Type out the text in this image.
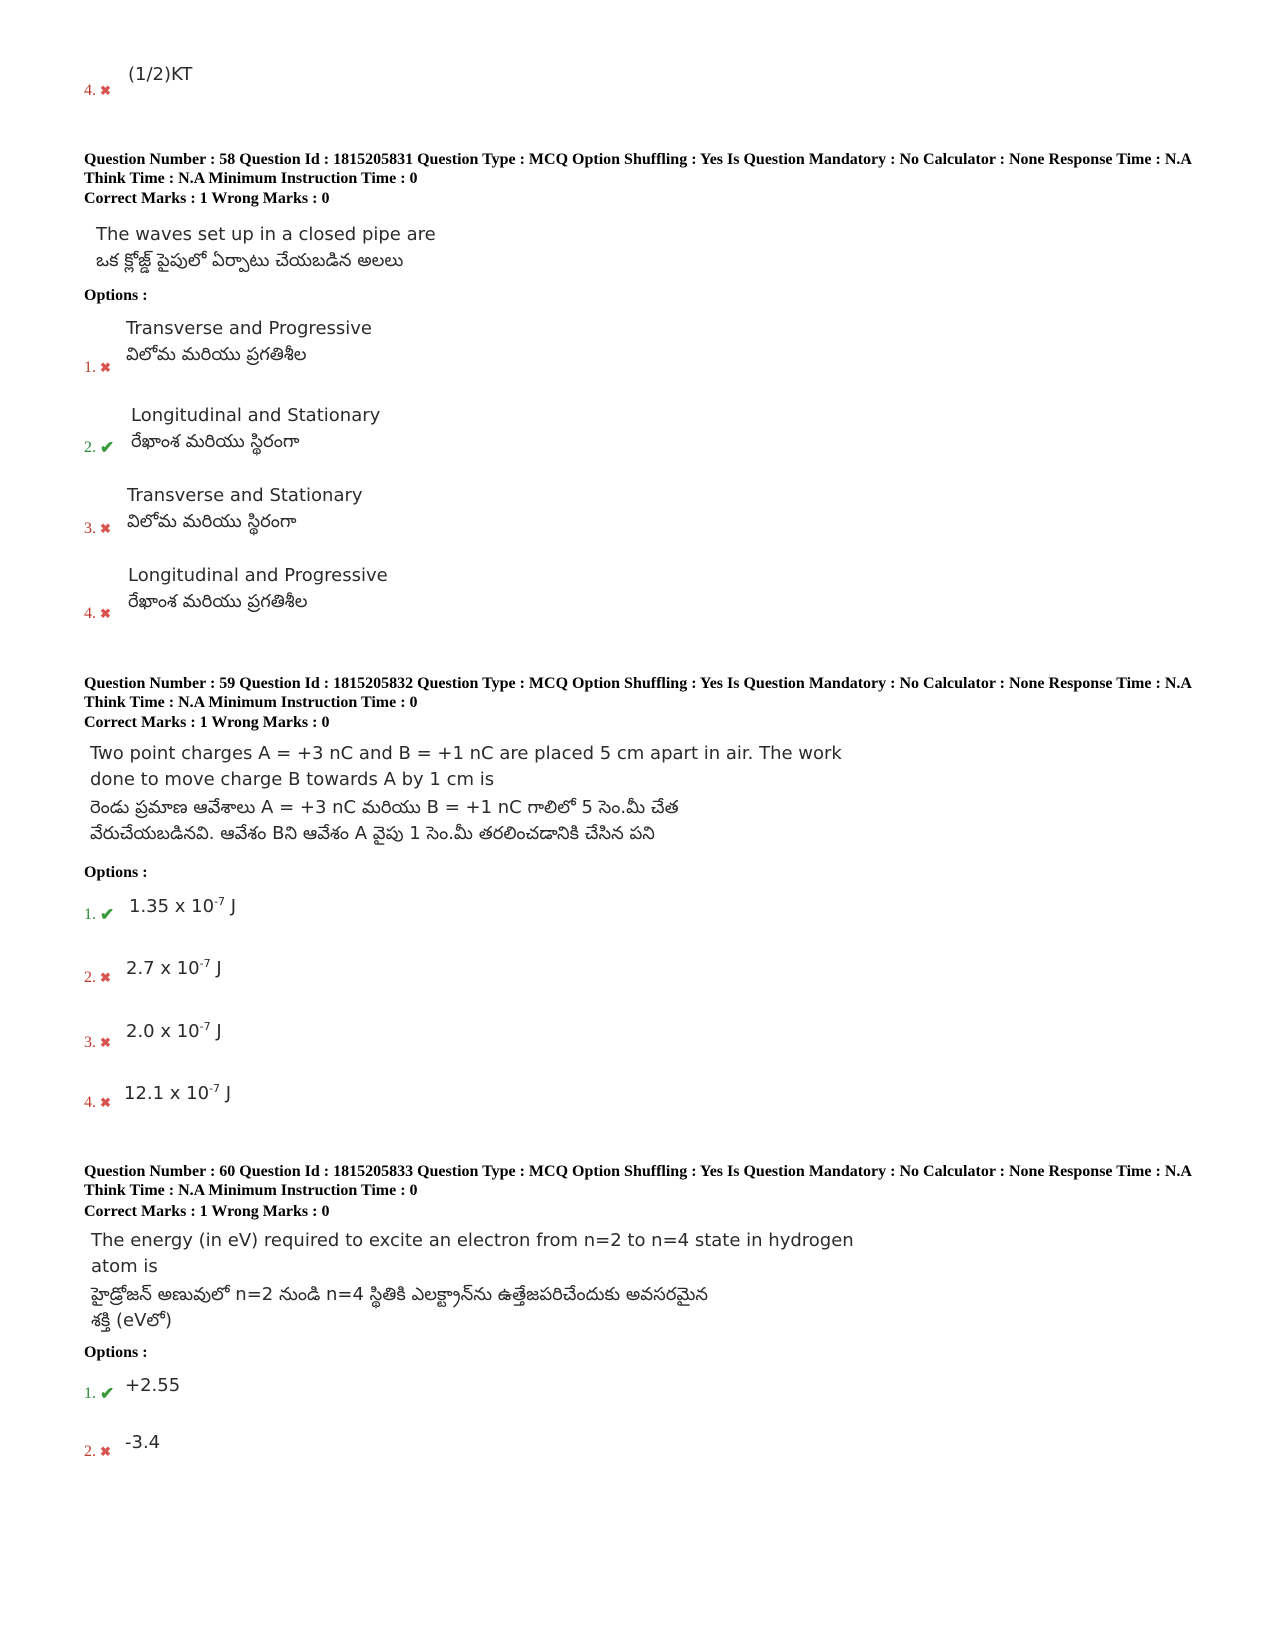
4. ✖
(1/2)KT
Question Number : 58 Question Id : 1815205831 Question Type : MCQ Option Shuffling : Yes Is Question Mandatory : No Calculator : None Response Time : N.A Think Time : N.A Minimum Instruction Time : 0
Correct Marks : 1 Wrong Marks : 0
The waves set up in a closed pipe are
ఒక క్లోజ్డ్ పైపులో ఏర్పాటు చేయబడిన అలలు
Options :
Transverse and Progressive
విలోమ మరియు ప్రగతిశీల
1. ✖
Longitudinal and Stationary
రేఖాంశ మరియు స్థిరంగా
2. ✔
Transverse and Stationary
విలోమ మరియు స్థిరంగా
3. ✖
Longitudinal and Progressive
రేఖాంశ మరియు ప్రగతిశీల
4. ✖
Question Number : 59 Question Id : 1815205832 Question Type : MCQ Option Shuffling : Yes Is Question Mandatory : No Calculator : None Response Time : N.A Think Time : N.A Minimum Instruction Time : 0
Correct Marks : 1 Wrong Marks : 0
Two point charges A = +3 nC and B = +1 nC are placed 5 cm apart in air. The work
done to move charge B towards A by 1 cm is
రెండు ప్రమాణ ఆవేశాలు A = +3 nC మరియు B = +1 nC గాలిలో 5 సెం.మీ చేత
వేరుచేయబడినవి. ఆవేశం Bని ఆవేశం A వైపు 1 సెం.మీ తరలించడానికి చేసిన పని
Options :
1.35 x $10^{-7}$ J
1. ✔
2.7 x $10^{-7}$ J
2. ✖
2.0 x $10^{-7}$ J
3. ✖
12.1 x $10^{-7}$ J
4. ✖
Question Number : 60 Question Id : 1815205833 Question Type : MCQ Option Shuffling : Yes Is Question Mandatory : No Calculator : None Response Time : N.A Think Time : N.A Minimum Instruction Time : 0
Correct Marks : 1 Wrong Marks : 0
The energy (in eV) required to excite an electron from n=2 to n=4 state in hydrogen
atom is
హైడ్రోజన్ అణువులో n=2 నుండి n=4 స్థితికి ఎలక్ట్రాన్‌ను ఉత్తేజపరిచేందుకు అవసరమైన
శక్తి (eVలో)
Options :
+2.55
1. ✔
-3.4
2. ✖
